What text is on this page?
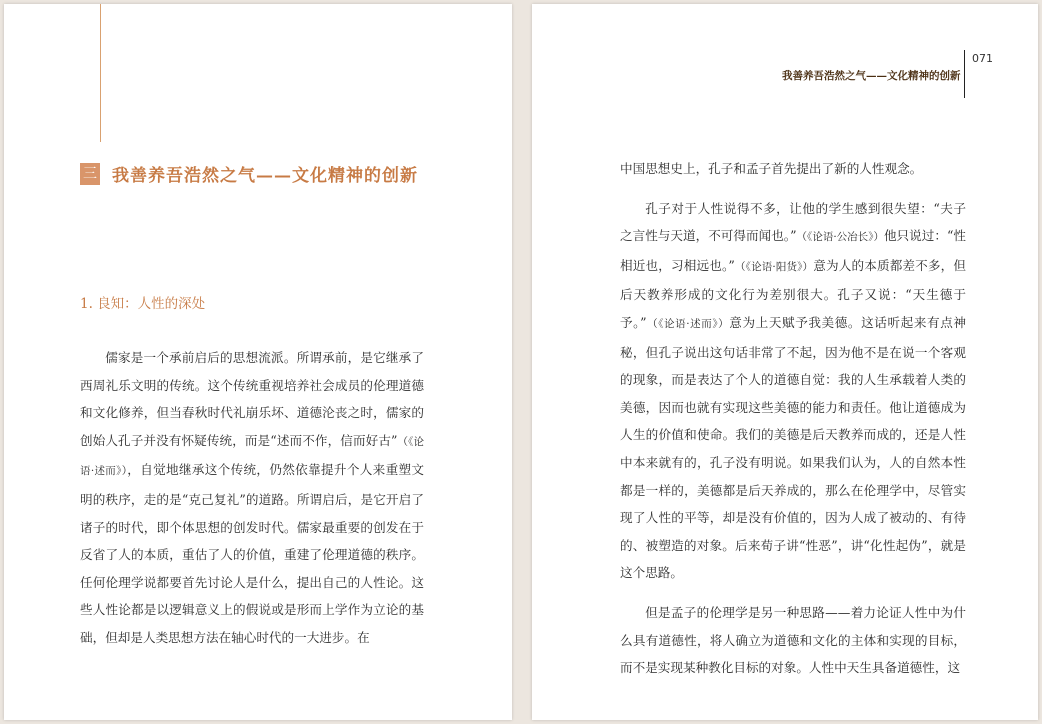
三 我善养吾浩然之气——文化精神的创新
1. 良知：人性的深处

儒家是一个承前启后的思想流派。所谓承前，是它继承了西周礼乐文明的传统。这个传统重视培养社会成员的伦理道德和文化修养，但当春秋时代礼崩乐坏、道德沦丧之时，儒家的创始人孔子并没有怀疑传统，而是“述而不作，信而好古”（《论语·述而》），自觉地继承这个传统，仍然依靠提升个人来重塑文明的秩序，走的是“克己复礼”的道路。所谓启后，是它开启了诸子的时代，即个体思想的创发时代。儒家最重要的创发在于反省了人的本质，重估了人的价值，重建了伦理道德的秩序。任何伦理学说都要首先讨论人是什么，提出自己的人性论。这些人性论都是以逻辑意义上的假说或是形而上学作为立论的基础，但却是人类思想方法在轴心时代的一大进步。在

我善养吾浩然之气——文化精神的创新
071

中国思想史上，孔子和孟子首先提出了新的人性观念。

孔子对于人性说得不多，让他的学生感到很失望：“夫子之言性与天道，不可得而闻也。”（《论语·公冶长》）他只说过：“性相近也，习相远也。”（《论语·阳货》）意为人的本质都差不多，但后天教养形成的文化行为差别很大。孔子又说：“天生德于予。”（《论语·述而》）意为上天赋予我美德。这话听起来有点神秘，但孔子说出这句话非常了不起，因为他不是在说一个客观的现象，而是表达了个人的道德自觉：我的人生承载着人类的美德，因而也就有实现这些美德的能力和责任。他让道德成为人生的价值和使命。我们的美德是后天教养而成的，还是人性中本来就有的，孔子没有明说。如果我们认为，人的自然本性都是一样的，美德都是后天养成的，那么在伦理学中，尽管实现了人性的平等，却是没有价值的，因为人成了被动的、有待的、被塑造的对象。后来荀子讲“性恶”，讲“化性起伪”，就是这个思路。

但是孟子的伦理学是另一种思路——着力论证人性中为什么具有道德性，将人确立为道德和文化的主体和实现的目标，而不是实现某种教化目标的对象。人性中天生具备道德性，这
